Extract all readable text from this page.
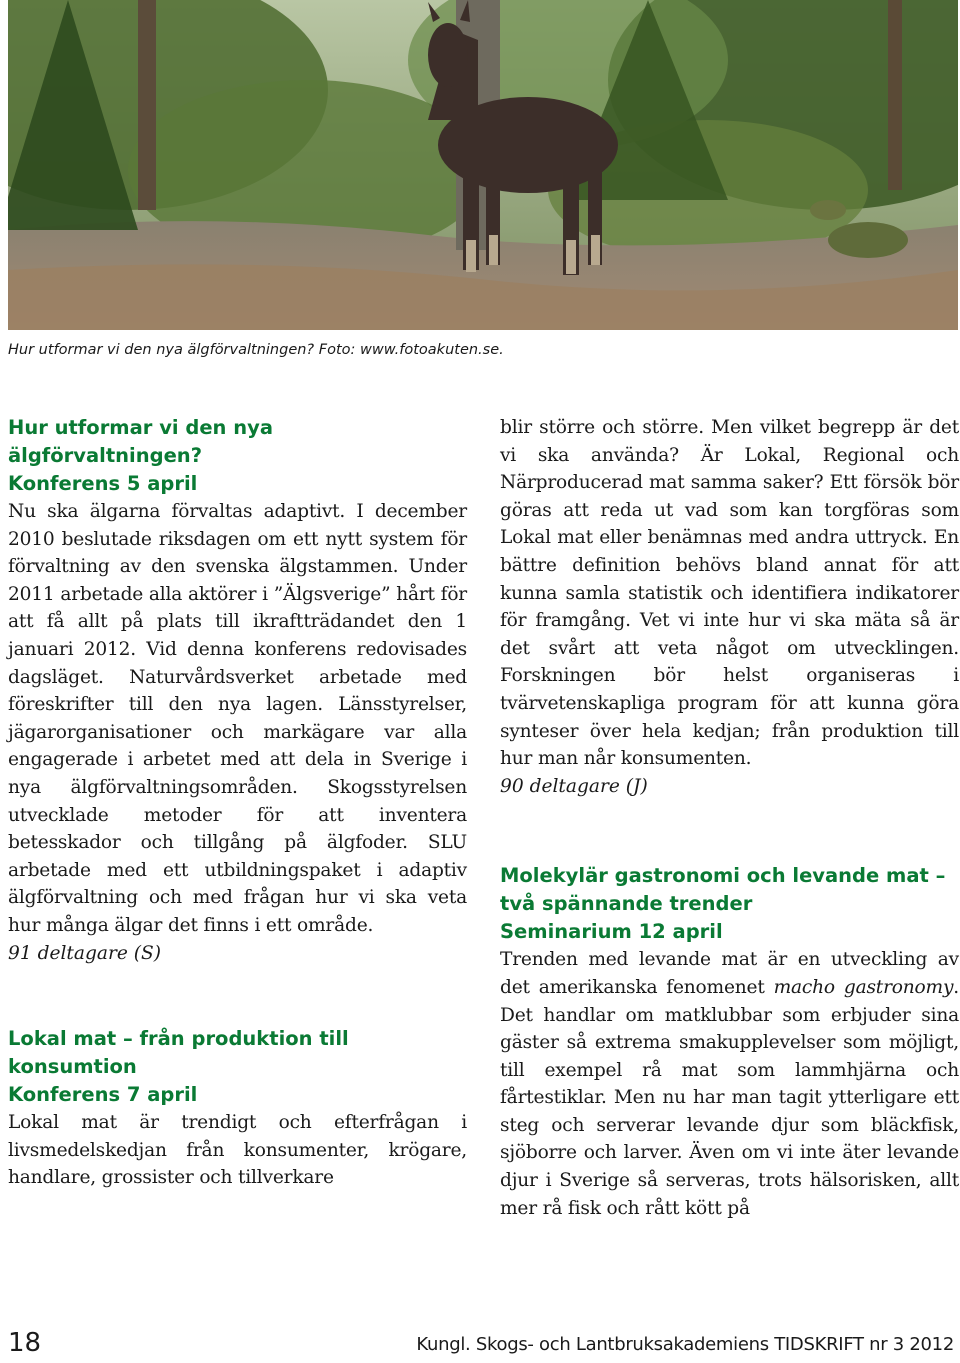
Hur utformar vi den nya älgförvaltningen? Foto: www.fotoakuten.se.

Hur utformar vi den nya
älgförvaltningen?
Konferens 5 april

Nu ska älgarna förvaltas adaptivt. I december 2010 beslutade riksdagen om ett nytt system för förvaltning av den svenska älgstammen. Under 2011 arbetade alla aktörer i ”Älgsverige” hårt för att få allt på plats till ikraftträdandet den 1 januari 2012. Vid denna konferens redovisades dagsläget. Naturvårdsverket arbetade med föreskrifter till den nya lagen. Länsstyrelser, jägarorganisationer och markägare var alla engagerade i arbetet med att dela in Sverige i nya älgförvaltningsområden. Skogsstyrelsen utvecklade metoder för att inventera betesskador och tillgång på älgfoder. SLU arbetade med ett utbildningspaket i adaptiv älgförvaltning och med frågan hur vi ska veta hur många älgar det finns i ett område.

91 deltagare (S)

Lokal mat – från produktion till
konsumtion
Konferens 7 april

Lokal mat är trendigt och efterfrågan i livsmedelskedjan från konsumenter, krögare, handlare, grossister och tillverkare

blir större och större. Men vilket begrepp är det vi ska använda? Är Lokal, Regional och Närproducerad mat samma saker? Ett försök bör göras att reda ut vad som kan torgföras som Lokal mat eller benämnas med andra uttryck. En bättre definition behövs bland annat för att kunna samla statistik och identifiera indikatorer för framgång. Vet vi inte hur vi ska mäta så är det svårt att veta något om utvecklingen. Forskningen bör helst organiseras i tvärvetenskapliga program för att kunna göra synteser över hela kedjan; från produktion till hur man når konsumenten.

90 deltagare (J)

Molekylär gastronomi och levande mat –
två spännande trender
Seminarium 12 april

Trenden med levande mat är en utveckling av det amerikanska fenomenet macho gastronomy. Det handlar om matklubbar som erbjuder sina gäster så extrema smakupplevelser som möjligt, till exempel rå mat som lammhjärna och fårtestiklar. Men nu har man tagit ytterligare ett steg och serverar levande djur som bläckfisk, sjöborre och larver. Även om vi inte äter levande djur i Sverige så serveras, trots hälsorisken, allt mer rå fisk och rått kött på

18	Kungl. Skogs- och Lantbruksakademiens TIDSKRIFT nr 3 2012
